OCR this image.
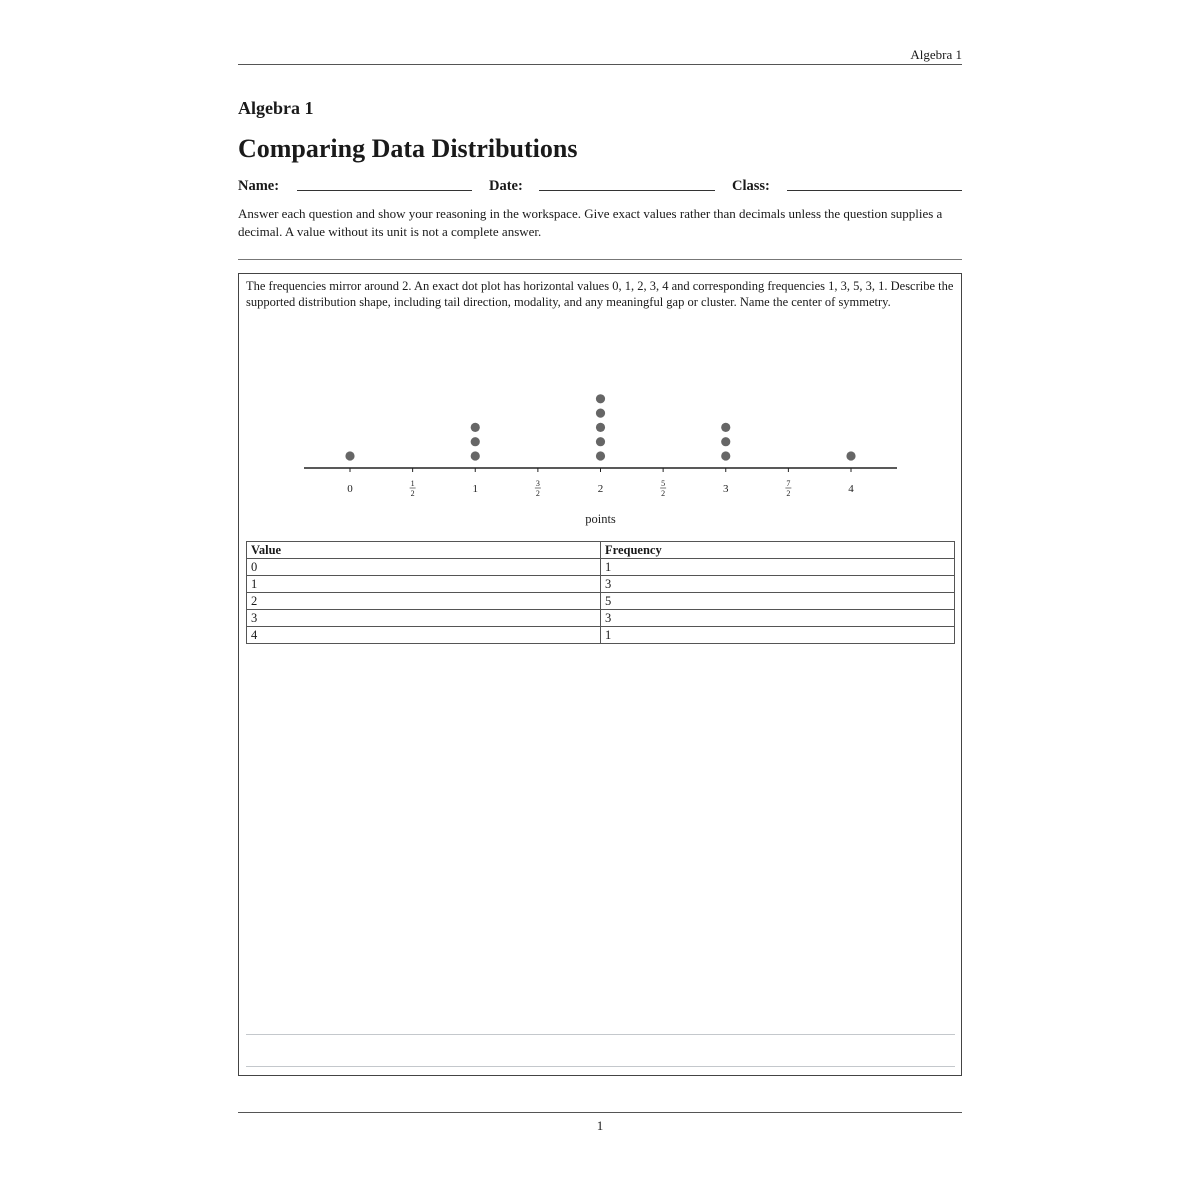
Algebra 1
Algebra 1
Comparing Data Distributions
Name:	Date:	Class:
Answer each question and show your reasoning in the workspace. Give exact values rather than decimals unless the question supplies a decimal. A value without its unit is not a complete answer.
The frequencies mirror around 2. An exact dot plot has horizontal values 0, 1, 2, 3, 4 and corresponding frequencies 1, 3, 5, 3, 1. Describe the supported distribution shape, including tail direction, modality, and any meaningful gap or cluster. Name the center of symmetry.
0	1
2	1	3
2	2	5
2	3	7
2	4
points
Value	Frequency
0	1
1	3
2	5
3	3
4	1
1
